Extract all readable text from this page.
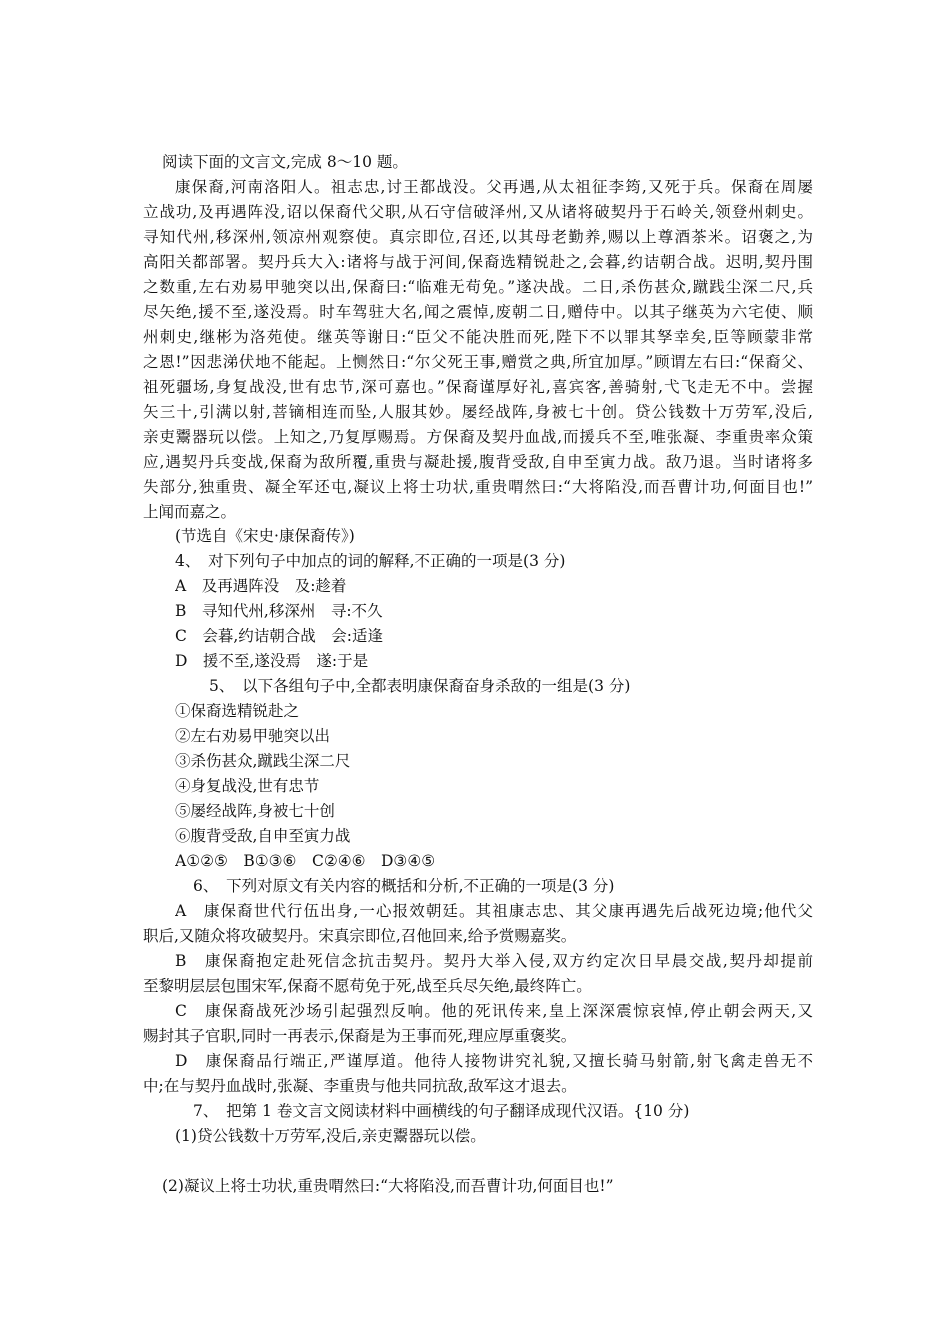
阅读下面的文言文,完成 8～10 题。
康保裔,河南洛阳人。祖志忠,讨王都战没。父再遇,从太祖征李筠,又死于兵。保裔在周屡
立战功,及再遇阵没,诏以保裔代父职,从石守信破泽州,又从诸将破契丹于石岭关,领登州刺史。
寻知代州,移深州,领凉州观察使。真宗即位,召还,以其母老勤养,赐以上尊酒茶米。诏褒之,为
高阳关都部署。契丹兵大入:诸将与战于河间,保裔选精锐赴之,会暮,约诘朝合战。迟明,契丹围
之数重,左右劝易甲驰突以出,保裔曰:“临难无苟免。”遂决战。二日,杀伤甚众,蹴践尘深二尺,兵
尽矢绝,援不至,遂没焉。时车驾驻大名,闻之震悼,废朝二日,赠侍中。以其子继英为六宅使、顺
州刺史,继彬为洛苑使。继英等谢日:“臣父不能决胜而死,陛下不以罪其孥幸矣,臣等顾蒙非常
之恩!”因悲涕伏地不能起。上恻然日:“尔父死王事,赠赏之典,所宜加厚。”顾谓左右曰:“保裔父、
祖死疆场,身复战没,世有忠节,深可嘉也。”保裔谨厚好礼,喜宾客,善骑射,弋飞走无不中。尝握
矢三十,引满以射,菩镝相连而坠,人服其妙。屡经战阵,身被七十创。贷公钱数十万劳军,没后,
亲吏鬻器玩以偿。上知之,乃复厚赐焉。方保裔及契丹血战,而援兵不至,唯张凝、李重贵率众策
应,遇契丹兵变战,保裔为敌所覆,重贵与凝赴援,腹背受敌,自申至寅力战。敌乃退。当时诸将多
失部分,独重贵、凝全军还屯,凝议上将士功状,重贵喟然曰:“大将陷没,而吾曹计功,何面目也!”
上闻而嘉之。
(节选自《宋史·康保裔传》)
4、　对下列句子中加点的词的解释,不正确的一项是(3 分)
A　及再遇阵没　及:趁着
B　寻知代州,移深州　寻:不久
C　会暮,约诘朝合战　会:适逢
D　援不至,遂没焉　遂:于是
5、　以下各组句子中,全都表明康保裔奋身杀敌的一组是(3 分)
①保裔选精锐赴之
②左右劝易甲驰突以出
③杀伤甚众,蹴践尘深二尺
④身复战没,世有忠节
⑤屡经战阵,身被七十创
⑥腹背受敌,自申至寅力战
A①②⑤　B①③⑥　C②④⑥　D③④⑤
6、　下列对原文有关内容的概括和分析,不正确的一项是(3 分)
A　康保裔世代行伍出身,一心报效朝廷。其祖康志忠、其父康再遇先后战死边境;他代父
职后,又随众将攻破契丹。宋真宗即位,召他回来,给予赏赐嘉奖。
B　康保裔抱定赴死信念抗击契丹。契丹大举入侵,双方约定次日早晨交战,契丹却提前
至黎明层层包围宋军,保裔不愿苟免于死,战至兵尽矢绝,最终阵亡。
C　康保裔战死沙场引起强烈反响。他的死讯传来,皇上深深震惊哀悼,停止朝会两天,又
赐封其子官职,同时一再表示,保裔是为王事而死,理应厚重褒奖。
D　康保裔品行端正,严谨厚道。他待人接物讲究礼貌,又擅长骑马射箭,射飞禽走兽无不
中;在与契丹血战时,张凝、李重贵与他共同抗敌,敌军这才退去。
7、　把第 1 卷文言文阅读材料中画横线的句子翻译成现代汉语。{10 分)
(1)贷公钱数十万劳军,没后,亲吏鬻器玩以偿。
(2)凝议上将士功状,重贵喟然曰:“大将陷没,而吾曹计功,何面目也!”
